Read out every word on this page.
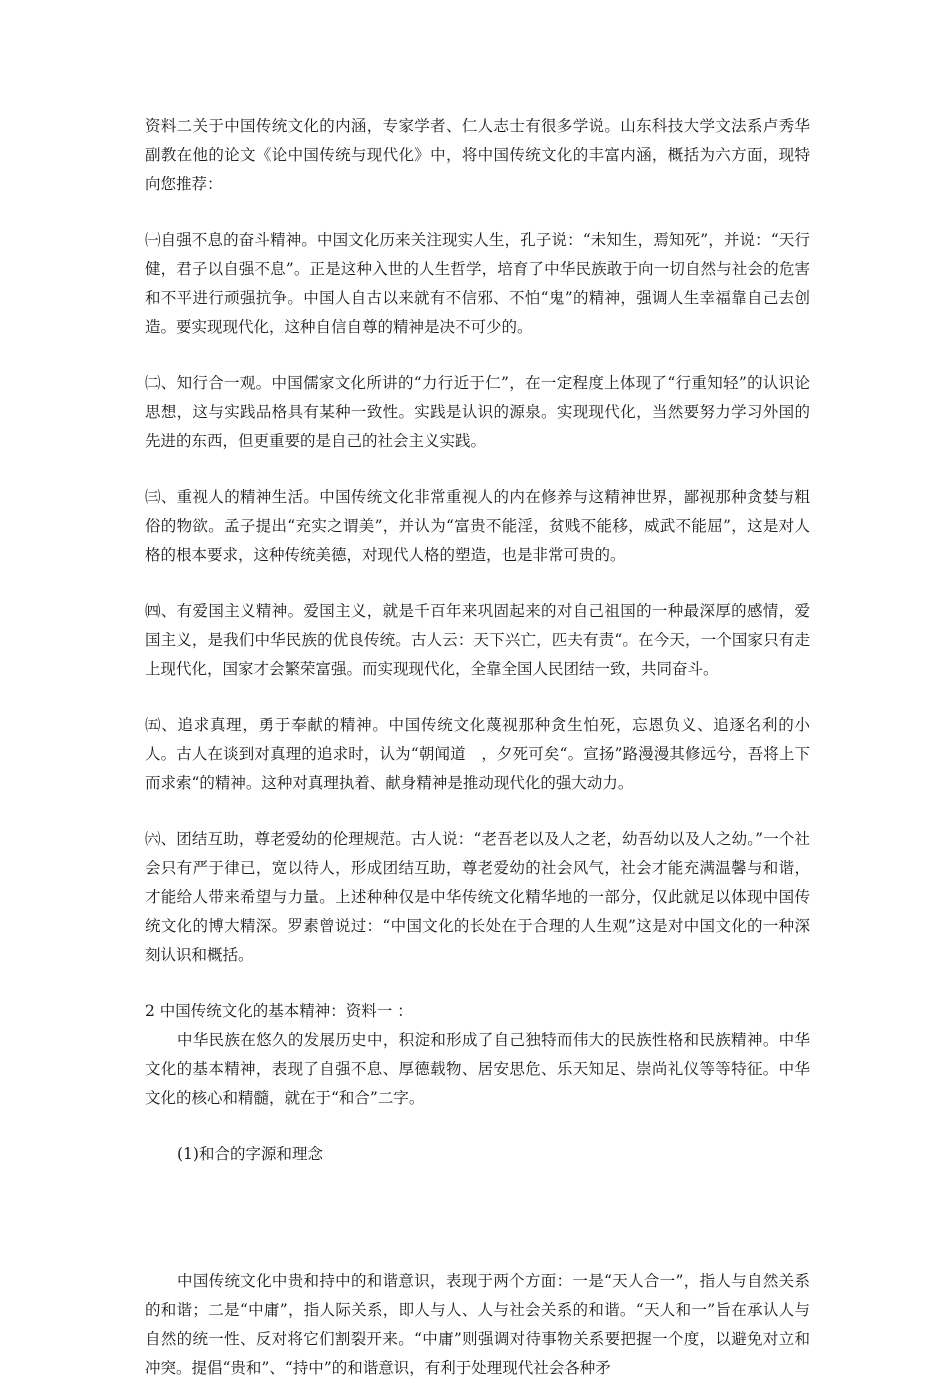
资料二关于中国传统文化的内涵，专家学者、仁人志士有很多学说。山东科技大学文法系卢秀华副教在他的论文《论中国传统与现代化》中，将中国传统文化的丰富内涵，概括为六方面，现特向您推荐：

㈠自强不息的奋斗精神。中国文化历来关注现实人生，孔子说：“未知生，焉知死”，并说：“天行健，君子以自强不息”。正是这种入世的人生哲学，培育了中华民族敢于向一切自然与社会的危害和不平进行顽强抗争。中国人自古以来就有不信邪、不怕“鬼”的精神，强调人生幸福靠自己去创造。要实现现代化，这种自信自尊的精神是决不可少的。

㈡、知行合一观。中国儒家文化所讲的“力行近于仁”，在一定程度上体现了“行重知轻”的认识论思想，这与实践品格具有某种一致性。实践是认识的源泉。实现现代化，当然要努力学习外国的先进的东西，但更重要的是自己的社会主义实践。

㈢、重视人的精神生活。中国传统文化非常重视人的内在修养与这精神世界，鄙视那种贪婪与粗俗的物欲。孟子提出“充实之谓美”，并认为“富贵不能淫，贫贱不能移，威武不能屈”，这是对人格的根本要求，这种传统美德，对现代人格的塑造，也是非常可贵的。

㈣、有爱国主义精神。爱国主义，就是千百年来巩固起来的对自己祖国的一种最深厚的感情，爱国主义，是我们中华民族的优良传统。古人云：天下兴亡，匹夫有责“。在今天，一个国家只有走上现代化，国家才会繁荣富强。而实现现代化，全靠全国人民团结一致，共同奋斗。

㈤、追求真理，勇于奉献的精神。中国传统文化蔑视那种贪生怕死，忘恩负义、追逐名利的小人。古人在谈到对真理的追求时，认为“朝闻道　，夕死可矣“。宣扬”路漫漫其修远兮，吾将上下而求索“的精神。这种对真理执着、献身精神是推动现代化的强大动力。

㈥、团结互助，尊老爱幼的伦理规范。古人说：“老吾老以及人之老，幼吾幼以及人之幼。”一个社会只有严于律已，宽以待人，形成团结互助，尊老爱幼的社会风气，社会才能充满温馨与和谐，才能给人带来希望与力量。上述种种仅是中华传统文化精华地的一部分，仅此就足以体现中国传统文化的博大精深。罗素曾说过：“中国文化的长处在于合理的人生观”这是对中国文化的一种深刻认识和概括。

2 中国传统文化的基本精神：资料一 ：

中华民族在悠久的发展历史中，积淀和形成了自己独特而伟大的民族性格和民族精神。中华文化的基本精神，表现了自强不息、厚德载物、居安思危、乐天知足、崇尚礼仪等等特征。中华文化的核心和精髓，就在于“和合”二字。

(1)和合的字源和理念

中国传统文化中贵和持中的和谐意识，表现于两个方面：一是“天人合一”，指人与自然关系的和谐；二是“中庸”，指人际关系，即人与人、人与社会关系的和谐。“天人和一”旨在承认人与自然的统一性、反对将它们割裂开来。“中庸”则强调对待事物关系要把握一个度，以避免对立和冲突。提倡“贵和”、“持中”的和谐意识，有利于处理现代社会各种矛
